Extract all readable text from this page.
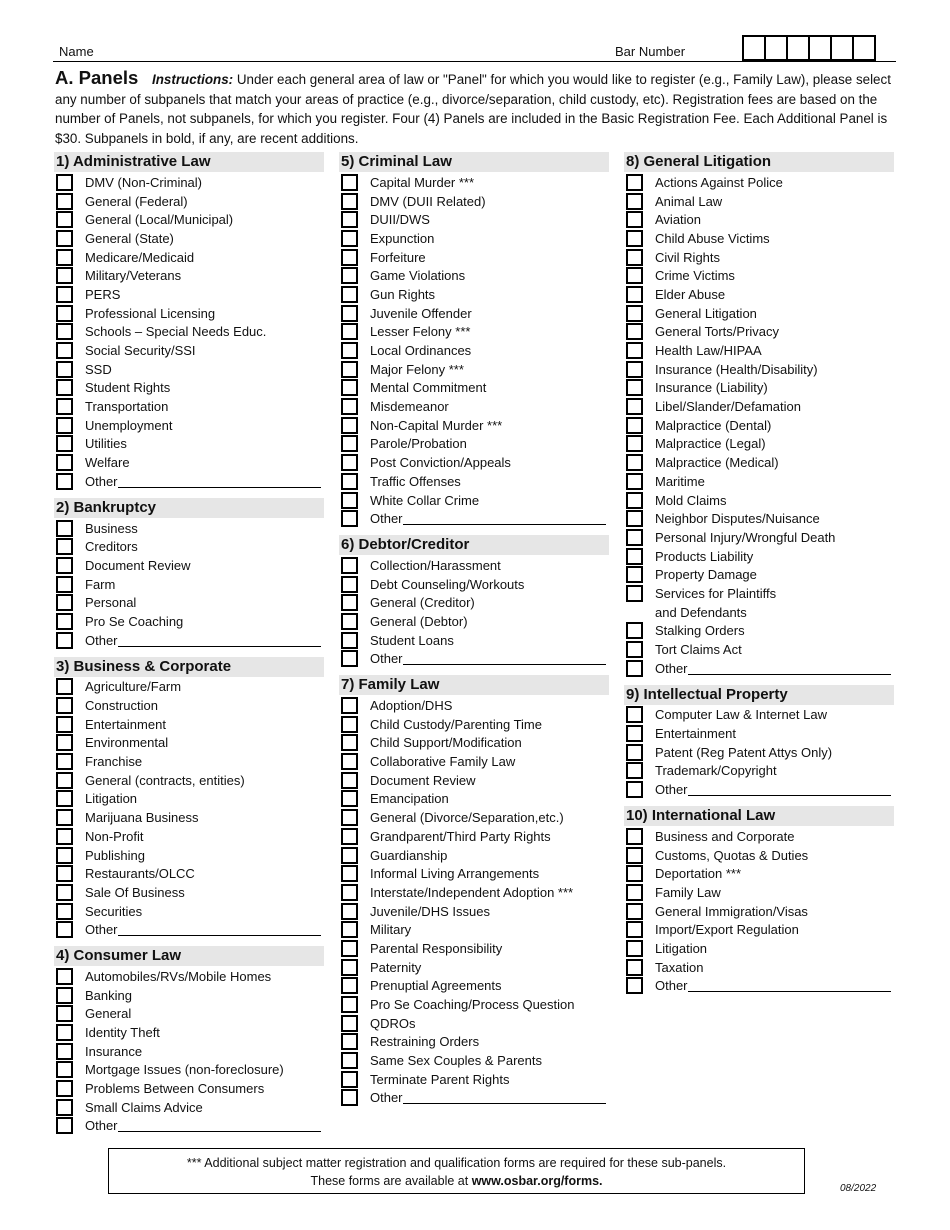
Name	Bar Number
A. Panels Instructions: Under each general area of law or "Panel" for which you would like to register (e.g., Family Law), please select any number of subpanels that match your areas of practice (e.g., divorce/separation, child custody, etc). Registration fees are based on the number of Panels, not subpanels, for which you register. Four (4) Panels are included in the Basic Registration Fee. Each Additional Panel is $30. Subpanels in bold, if any, are recent additions.
1) Administrative Law
DMV (Non-Criminal)
General (Federal)
General (Local/Municipal)
General (State)
Medicare/Medicaid
Military/Veterans
PERS
Professional Licensing
Schools – Special Needs Educ.
Social Security/SSI
SSD
Student Rights
Transportation
Unemployment
Utilities
Welfare
Other
2) Bankruptcy
Business
Creditors
Document Review
Farm
Personal
Pro Se Coaching
Other
3) Business & Corporate
Agriculture/Farm
Construction
Entertainment
Environmental
Franchise
General (contracts, entities)
Litigation
Marijuana Business
Non-Profit
Publishing
Restaurants/OLCC
Sale Of Business
Securities
Other
4) Consumer Law
Automobiles/RVs/Mobile Homes
Banking
General
Identity Theft
Insurance
Mortgage Issues (non-foreclosure)
Problems Between Consumers
Small Claims Advice
Other
5) Criminal Law
Capital Murder ***
DMV (DUII Related)
DUII/DWS
Expunction
Forfeiture
Game Violations
Gun Rights
Juvenile Offender
Lesser Felony ***
Local Ordinances
Major Felony ***
Mental Commitment
Misdemeanor
Non-Capital Murder ***
Parole/Probation
Post Conviction/Appeals
Traffic Offenses
White Collar Crime
Other
6) Debtor/Creditor
Collection/Harassment
Debt Counseling/Workouts
General (Creditor)
General (Debtor)
Student Loans
Other
7) Family Law
Adoption/DHS
Child Custody/Parenting Time
Child Support/Modification
Collaborative Family Law
Document Review
Emancipation
General (Divorce/Separation,etc.)
Grandparent/Third Party Rights
Guardianship
Informal Living Arrangements
Interstate/Independent Adoption ***
Juvenile/DHS Issues
Military
Parental Responsibility
Paternity
Prenuptial Agreements
Pro Se Coaching/Process Question
QDROs
Restraining Orders
Same Sex Couples & Parents
Terminate Parent Rights
Other
8) General Litigation
Actions Against Police
Animal Law
Aviation
Child Abuse Victims
Civil Rights
Crime Victims
Elder Abuse
General Litigation
General Torts/Privacy
Health Law/HIPAA
Insurance (Health/Disability)
Insurance (Liability)
Libel/Slander/Defamation
Malpractice (Dental)
Malpractice (Legal)
Malpractice (Medical)
Maritime
Mold Claims
Neighbor Disputes/Nuisance
Personal Injury/Wrongful Death
Products Liability
Property Damage
Services for Plaintiffs
and Defendants
Stalking Orders
Tort Claims Act
Other
9) Intellectual Property
Computer Law & Internet Law
Entertainment
Patent (Reg Patent Attys Only)
Trademark/Copyright
Other
10) International Law
Business and Corporate
Customs, Quotas & Duties
Deportation ***
Family Law
General Immigration/Visas
Import/Export Regulation
Litigation
Taxation
Other
*** Additional subject matter registration and qualification forms are required for these sub-panels.
These forms are available at www.osbar.org/forms.
08/2022
